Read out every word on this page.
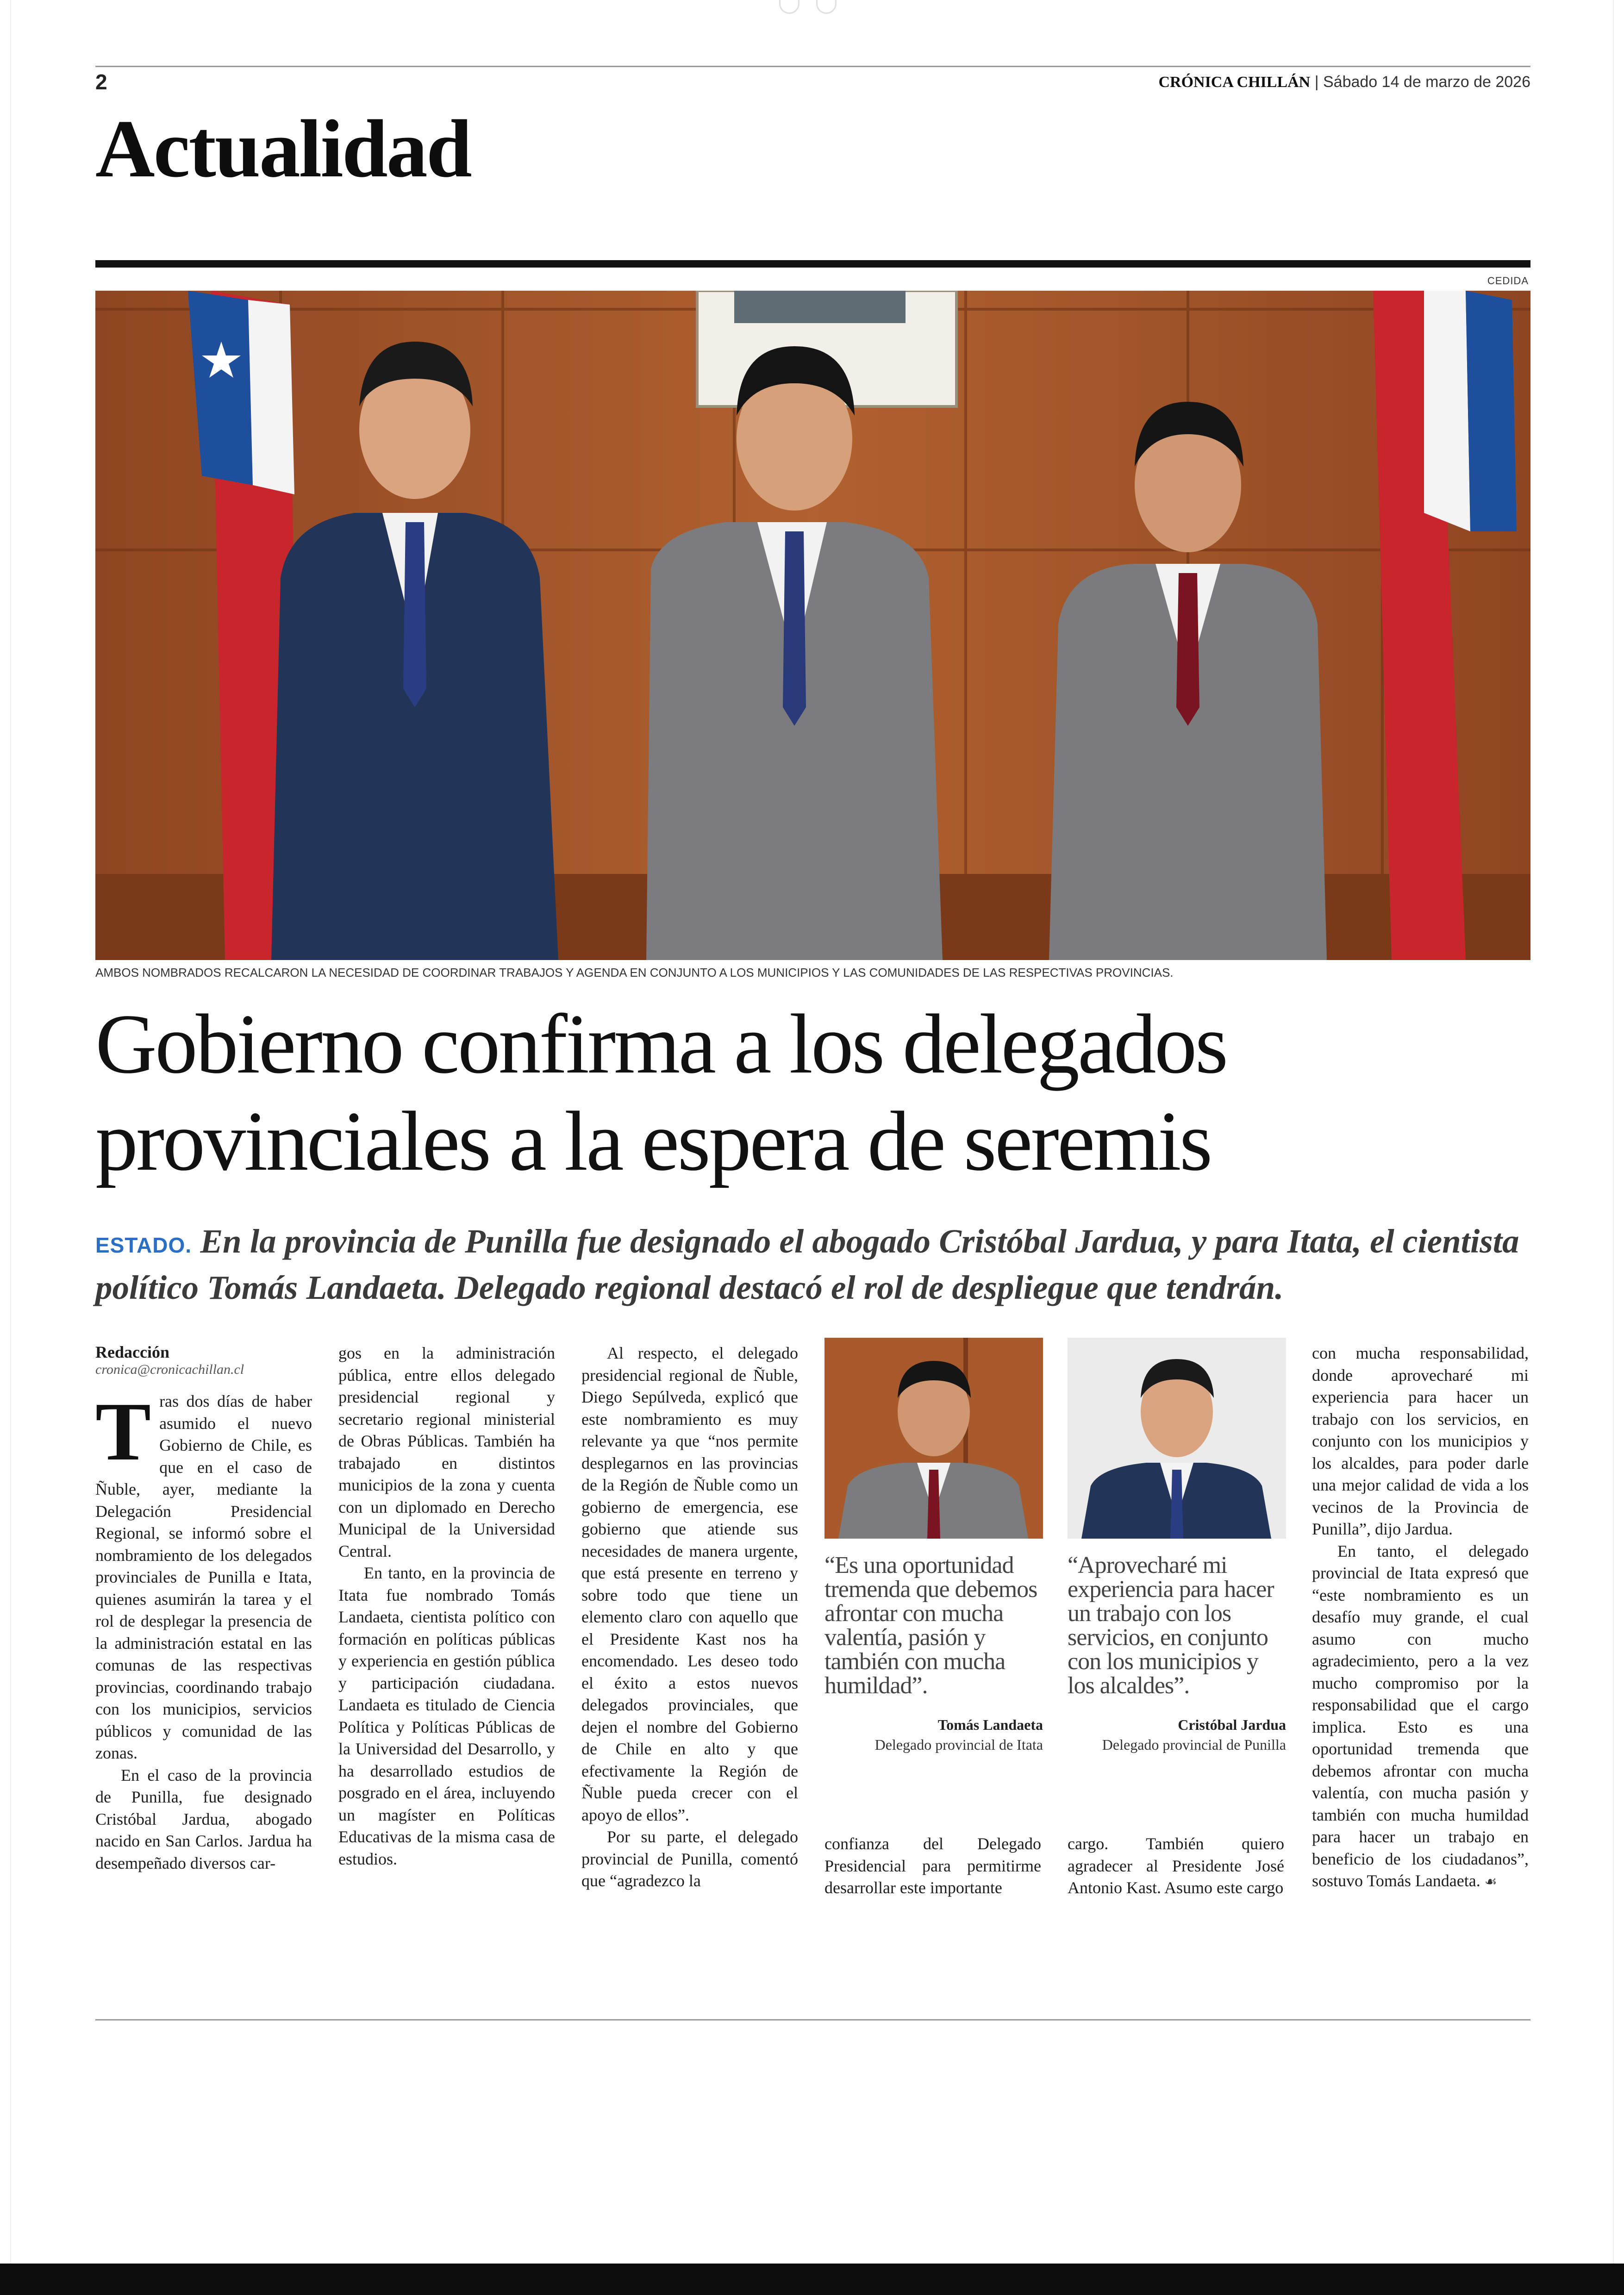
2	CRÓNICA CHILLÁN | Sábado 14 de marzo de 2026
Actualidad
CEDIDA
AMBOS NOMBRADOS RECALCARON LA NECESIDAD DE COORDINAR TRABAJOS Y AGENDA EN CONJUNTO A LOS MUNICIPIOS Y LAS COMUNIDADES DE LAS RESPECTIVAS PROVINCIAS.
Gobierno confirma a los delegados
provinciales a la espera de seremis
ESTADO. En la provincia de Punilla fue designado el abogado Cristóbal Jardua, y para Itata, el cientista político Tomás Landaeta. Delegado regional destacó el rol de despliegue que tendrán.

Redacción

cronica@cronicachillan.cl

Tras dos días de haber asumido el nuevo Gobierno de Chile, es que en el caso de Ñuble, ayer, mediante la Delegación Presidencial Regional, se informó sobre el nombramiento de los delegados provinciales de Punilla e Itata, quienes asumirán la tarea y el rol de desplegar la presencia de la administración estatal en las comunas de las respectivas provincias, coordinando trabajo con los municipios, servicios públicos y comunidad de las zonas.

En el caso de la provincia de Punilla, fue designado Cristóbal Jardua, abogado nacido en San Carlos. Jardua ha desempeñado diversos car-

gos en la administración pública, entre ellos delegado presidencial regional y secretario regional ministerial de Obras Públicas. También ha trabajado en distintos municipios de la zona y cuenta con un diplomado en Derecho Municipal de la Universidad Central.

En tanto, en la provincia de Itata fue nombrado Tomás Landaeta, cientista político con formación en políticas públicas y experiencia en gestión pública y participación ciudadana. Landaeta es titulado de Ciencia Política y Políticas Públicas de la Universidad del Desarrollo, y ha desarrollado estudios de posgrado en el área, incluyendo un magíster en Políticas Educativas de la misma casa de estudios.

Al respecto, el delegado presidencial regional de Ñuble, Diego Sepúlveda, explicó que este nombramiento es muy relevante ya que “nos permite desplegarnos en las provincias de la Región de Ñuble como un gobierno de emergencia, ese gobierno que atiende sus necesidades de manera urgente, que está presente en terreno y sobre todo que tiene un elemento claro con aquello que el Presidente Kast nos ha encomendado. Les deseo todo el éxito a estos nuevos delegados provinciales, que dejen el nombre del Gobierno de Chile en alto y que efectivamente la Región de Ñuble pueda crecer con el apoyo de ellos”.

Por su parte, el delegado provincial de Punilla, comentó que “agradezco la

“Es una oportunidad tremenda que debemos afrontar con mucha valentía, pasión y también con mucha humildad”.
Tomás Landaeta
Delegado provincial de Itata
“Aprovecharé mi experiencia para hacer un trabajo con los servicios, en conjunto con los municipios y los alcaldes”.
Cristóbal Jardua
Delegado provincial de Punilla

confianza del Delegado Presidencial para permitirme desarrollar este importante

cargo. También quiero agradecer al Presidente José Antonio Kast. Asumo este cargo

con mucha responsabilidad, donde aprovecharé mi experiencia para hacer un trabajo con los servicios, en conjunto con los municipios y los alcaldes, para poder darle una mejor calidad de vida a los vecinos de la Provincia de Punilla”, dijo Jardua.

En tanto, el delegado provincial de Itata expresó que “este nombramiento es un desafío muy grande, el cual asumo con mucho agradecimiento, pero a la vez mucho compromiso por la responsabilidad que el cargo implica. Esto es una oportunidad tremenda que debemos afrontar con mucha valentía, con mucha pasión y también con mucha humildad para hacer un trabajo en beneficio de los ciudadanos”, sostuvo Tomás Landaeta. ☙
